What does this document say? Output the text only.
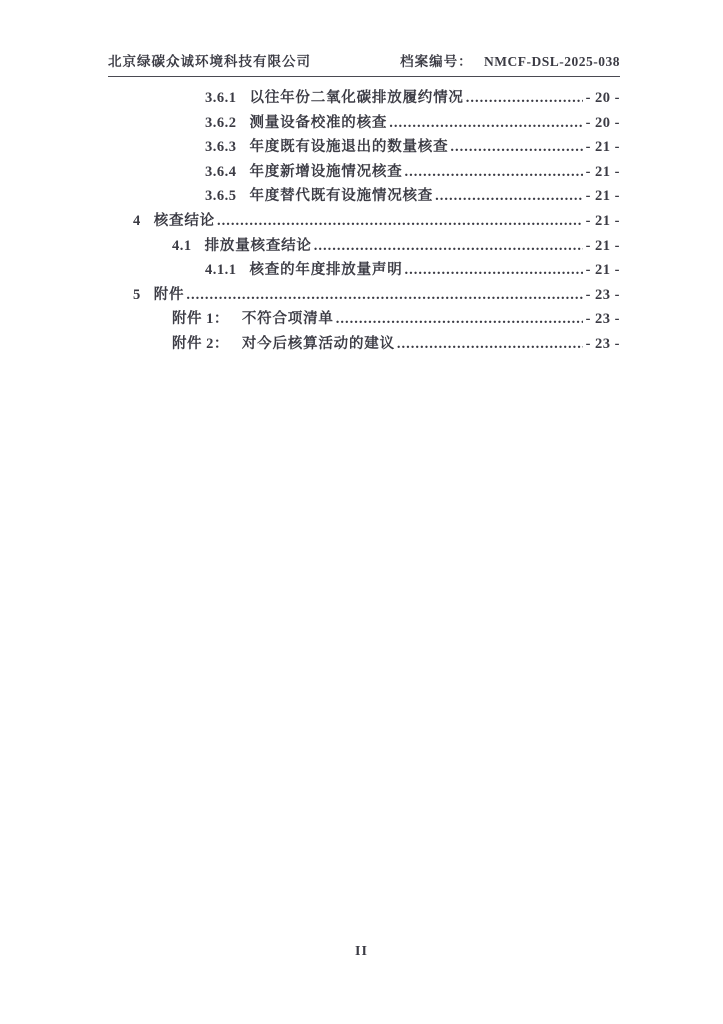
北京绿碳众诚环境科技有限公司	档案编号： NMCF-DSL-2025-038
3.6.1 以往年份二氧化碳排放履约情况 .....	- 20 -
3.6.2 测量设备校准的核查 .....	- 20 -
3.6.3 年度既有设施退出的数量核查 .....	- 21 -
3.6.4 年度新增设施情况核查 .....	- 21 -
3.6.5 年度替代既有设施情况核查 .....	- 21 -
4 核查结论 .....	- 21 -
4.1 排放量核查结论 .....	- 21 -
4.1.1 核查的年度排放量声明 .....	- 21 -
5 附件 .....	- 23 -
附件 1： 不符合项清单 .....	- 23 -
附件 2： 对今后核算活动的建议 .....	- 23 -
II
